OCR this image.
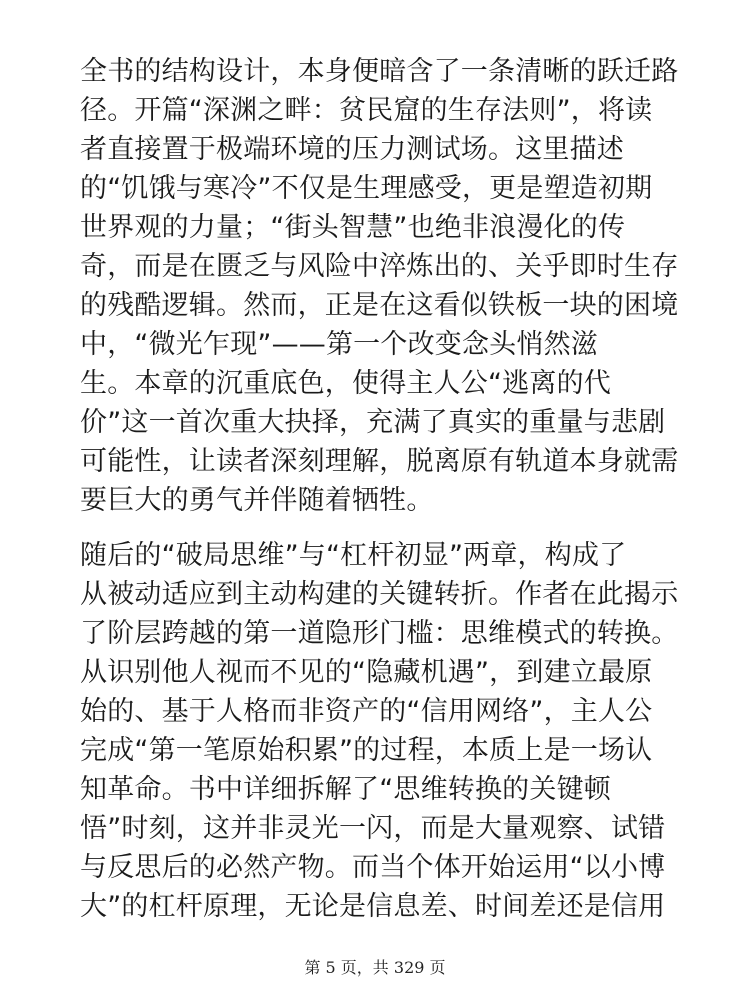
全书的结构设计，本身便暗含了一条清晰的跃迁路
径。开篇“深渊之畔：贫民窟的生存法则”，将读
者直接置于极端环境的压力测试场。这里描述
的“饥饿与寒冷”不仅是生理感受，更是塑造初期
世界观的力量；“街头智慧”也绝非浪漫化的传
奇，而是在匮乏与风险中淬炼出的、关乎即时生存
的残酷逻辑。然而，正是在这看似铁板一块的困境
中，“微光乍现”——第一个改变念头悄然滋
生。本章的沉重底色，使得主人公“逃离的代
价”这一首次重大抉择，充满了真实的重量与悲剧
可能性，让读者深刻理解，脱离原有轨道本身就需
要巨大的勇气并伴随着牺牲。
随后的“破局思维”与“杠杆初显”两章，构成了
从被动适应到主动构建的关键转折。作者在此揭示
了阶层跨越的第一道隐形门槛：思维模式的转换。
从识别他人视而不见的“隐藏机遇”，到建立最原
始的、基于人格而非资产的“信用网络”，主人公
完成“第一笔原始积累”的过程，本质上是一场认
知革命。书中详细拆解了“思维转换的关键顿
悟”时刻，这并非灵光一闪，而是大量观察、试错
与反思后的必然产物。而当个体开始运用“以小博
大”的杠杆原理，无论是信息差、时间差还是信用
第 5 页，共 329 页
